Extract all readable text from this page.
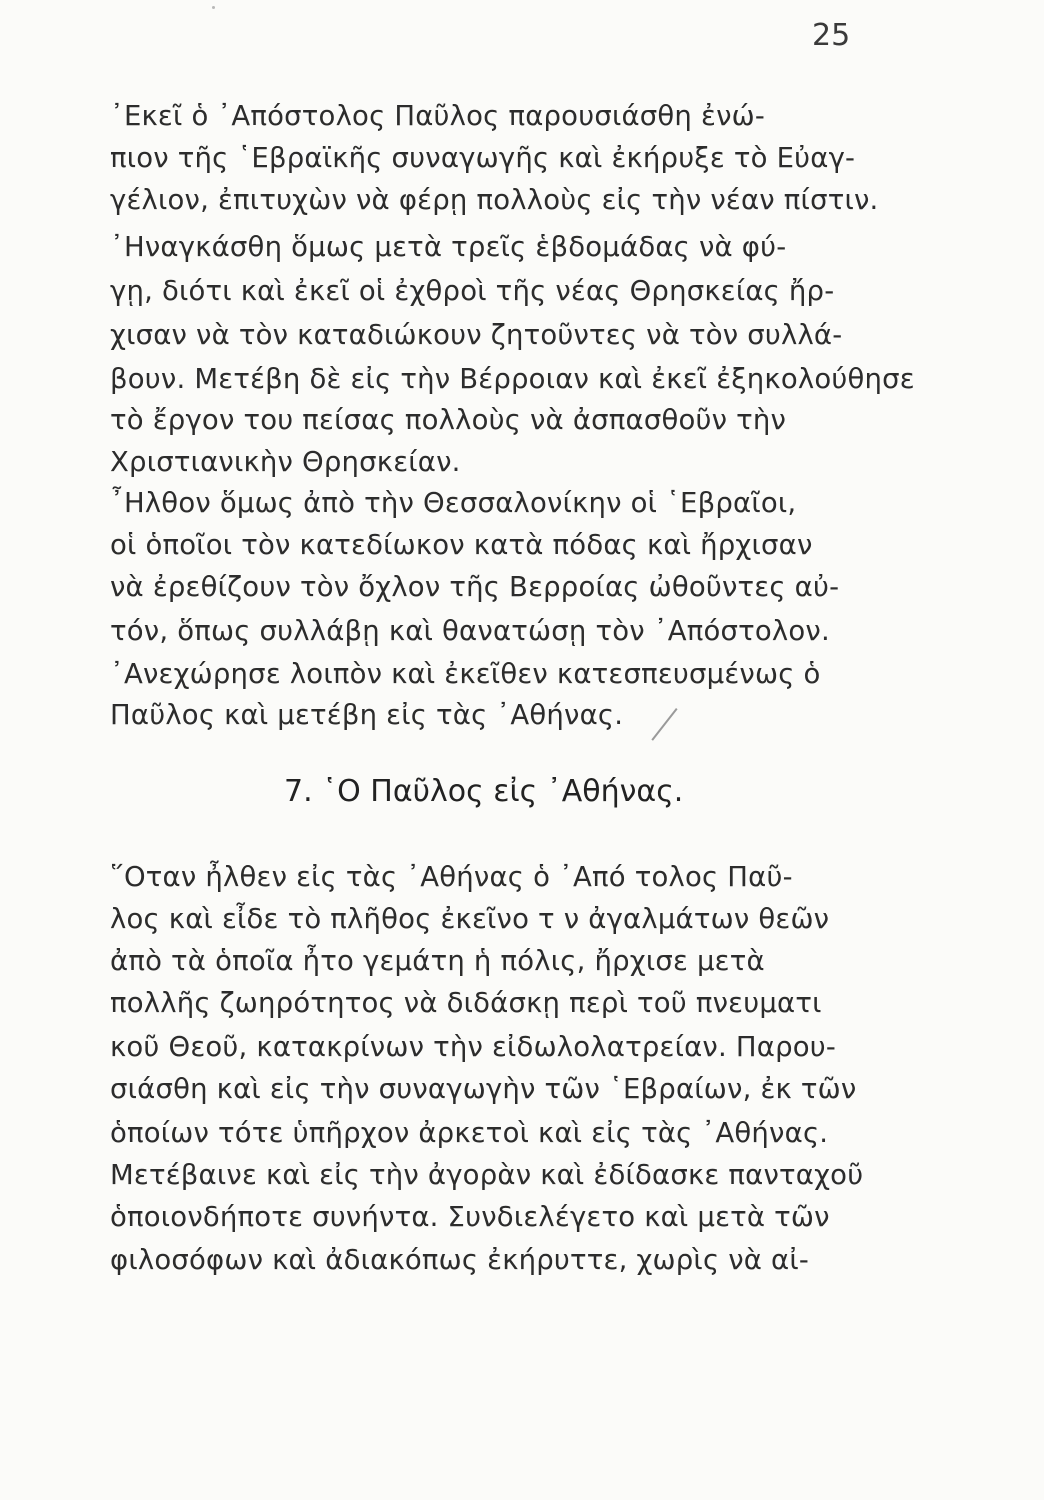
25
᾿Εκεῖ ὁ ᾿Απόστολος Παῦλος παρουσιάσθη ἐνώ-
πιον τῆς ῾Εβραϊκῆς συναγωγῆς καὶ ἐκήρυξε τὸ Εὐαγ-
γέλιον, ἐπιτυχὼν νὰ φέρῃ πολλοὺς εἰς τὴν νέαν πίστιν.
᾿Ηναγκάσθη ὅμως μετὰ τρεῖς ἑβδομάδας νὰ φύ-
γῃ, διότι καὶ ἐκεῖ οἱ ἐχθροὶ τῆς νέας Θρησκείας ἤρ-
χισαν νὰ τὸν καταδιώκουν ζητοῦντες νὰ τὸν συλλά-
βουν. Μετέβη δὲ εἰς τὴν Βέρροιαν καὶ ἐκεῖ ἐξηκολούθησε
τὸ ἔργον του πείσας πολλοὺς νὰ ἀσπασθοῦν τὴν
Χριστιανικὴν Θρησκείαν.
῏Ηλθον ὅμως ἀπὸ τὴν Θεσσαλονίκην οἱ ῾Εβραῖοι,
οἱ ὁποῖοι τὸν κατεδίωκον κατὰ πόδας καὶ ἤρχισαν
νὰ ἐρεθίζουν τὸν ὄχλον τῆς Βερροίας ὠθοῦντες αὐ-
τόν, ὅπως συλλάβῃ καὶ θανατώσῃ τὸν ᾿Απόστολον.
᾿Ανεχώρησε λοιπὸν καὶ ἐκεῖθεν κατεσπευσμένως ὁ
Παῦλος καὶ μετέβη εἰς τὰς ᾿Αθήνας.
7. ῾Ο Παῦλος εἰς ᾿Αθήνας.
῞Οταν ἦλθεν εἰς τὰς ᾿Αθήνας ὁ ᾿Από τολος Παῦ-
λος καὶ εἶδε τὸ πλῆθος ἐκεῖνο τ ν ἀγαλμάτων θεῶν
ἀπὸ τὰ ὁποῖα ἦτο γεμάτη ἡ πόλις, ἤρχισε μετὰ
πολλῆς ζωηρότητος νὰ διδάσκῃ περὶ τοῦ πνευματι
κοῦ Θεοῦ, κατακρίνων τὴν εἰδωλολατρείαν. Παρου-
σιάσθη καὶ εἰς τὴν συναγωγὴν τῶν ῾Εβραίων, ἐκ τῶν
ὁποίων τότε ὑπῆρχον ἀρκετοὶ καὶ εἰς τὰς ᾿Αθήνας.
Μετέβαινε καὶ εἰς τὴν ἀγορὰν καὶ ἐδίδασκε πανταχοῦ
ὁποιονδήποτε συνήντα. Συνδιελέγετο καὶ μετὰ τῶν
φιλοσόφων καὶ ἀδιακόπως ἐκήρυττε, χωρὶς νὰ αἰ-
